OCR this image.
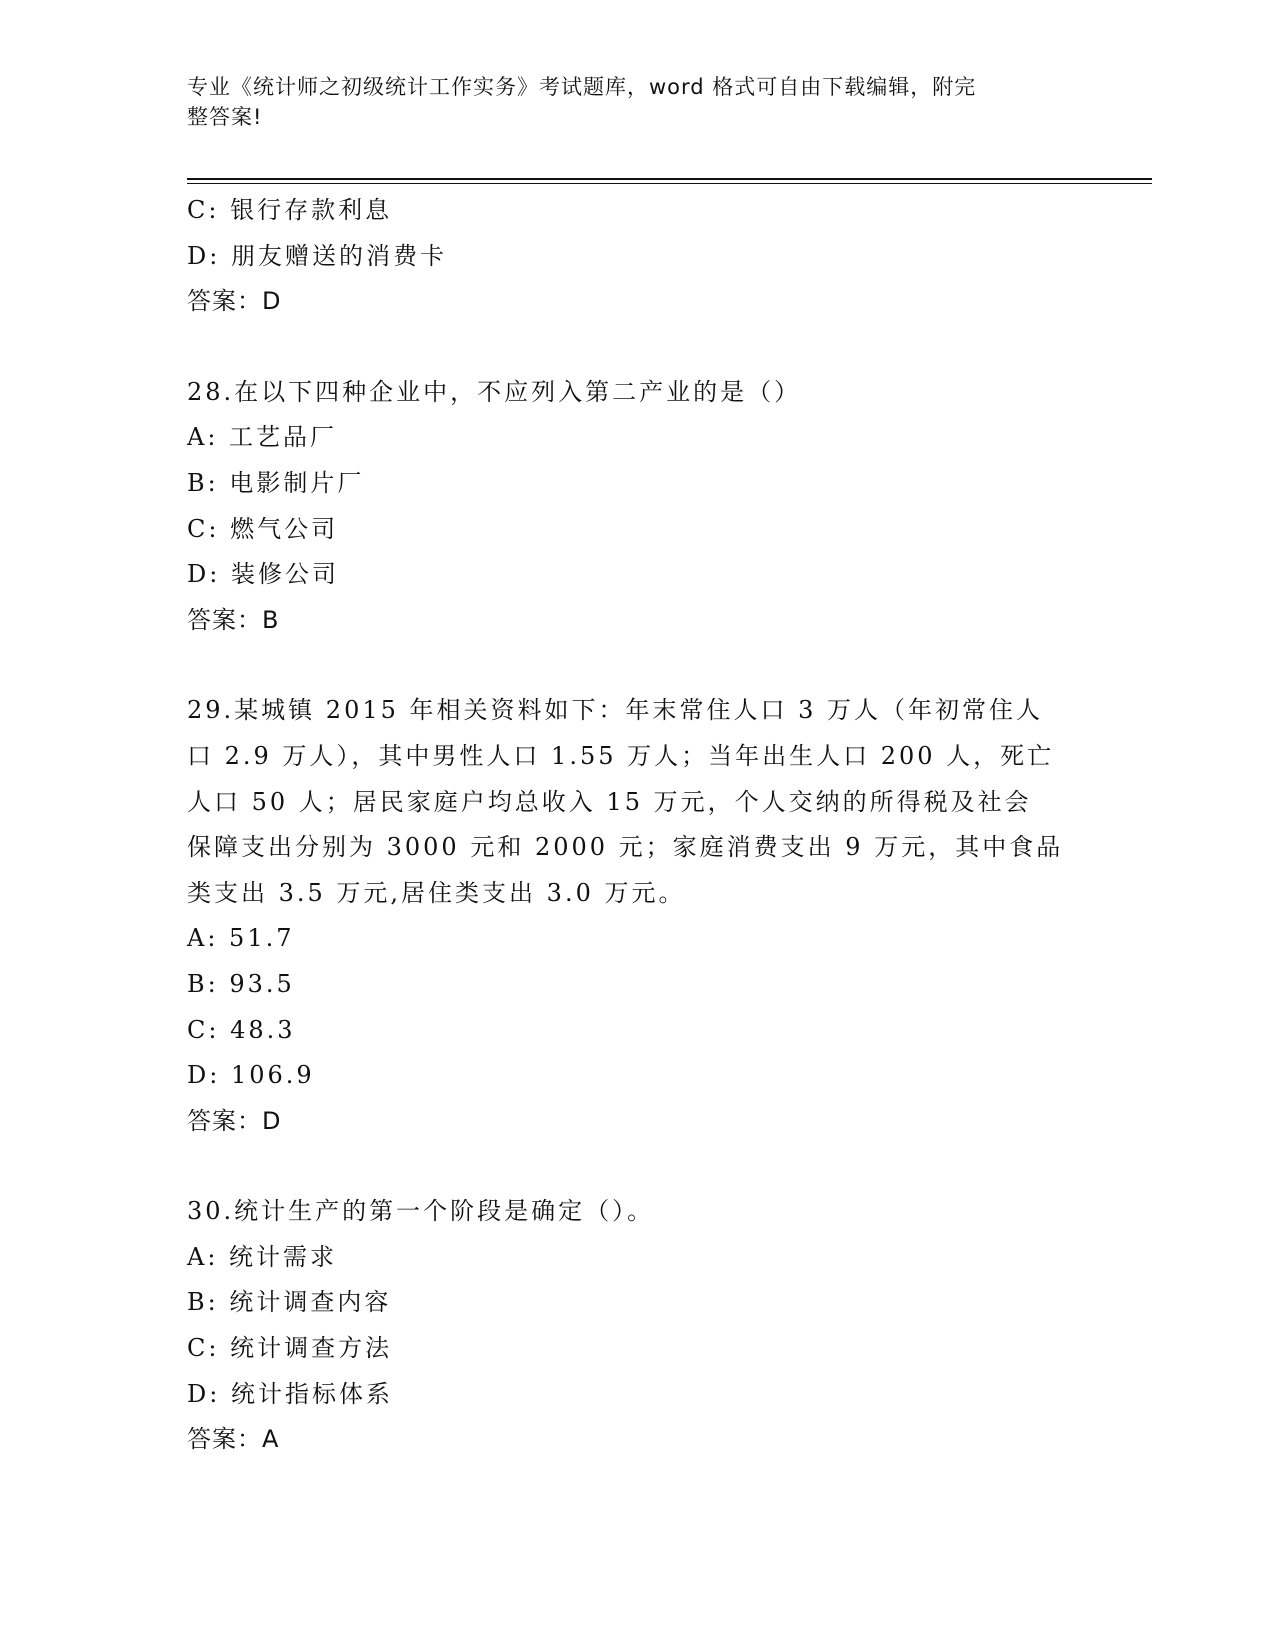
专业《统计师之初级统计工作实务》考试题库，word 格式可自由下载编辑，附完
整答案!
C: 银行存款利息
D: 朋友赠送的消费卡
答案：D
28.在以下四种企业中，不应列入第二产业的是（）
A: 工艺品厂
B: 电影制片厂
C: 燃气公司
D: 装修公司
答案：B
29.某城镇 2015 年相关资料如下：年末常住人口 3 万人（年初常住人
口 2.9 万人），其中男性人口 1.55 万人；当年出生人口 200 人，死亡
人口 50 人；居民家庭户均总收入 15 万元，个人交纳的所得税及社会
保障支出分别为 3000 元和 2000 元；家庭消费支出 9 万元，其中食品
类支出 3.5 万元,居住类支出 3.0 万元。
A: 51.7
B: 93.5
C: 48.3
D: 106.9
答案：D
30.统计生产的第一个阶段是确定（）。
A: 统计需求
B: 统计调查内容
C: 统计调查方法
D: 统计指标体系
答案：A
